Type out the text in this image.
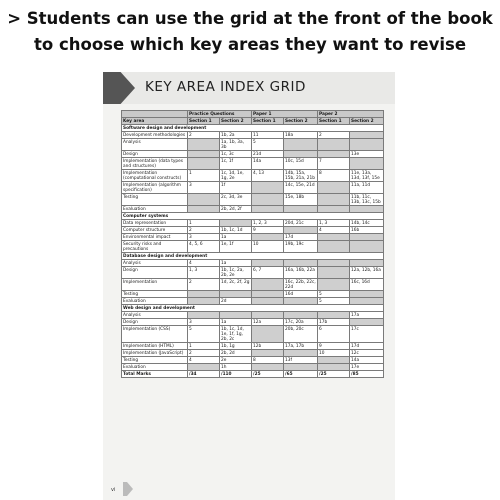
> Students can use the grid at the front of the book
to choose which key areas they want to revise
KEY AREA INDEX GRID
	Practice Questions		Paper 1		Paper 2	
Key area	Section 1	Section 2	Section 1	Section 2	Section 1	Section 2
Software design and development						
Development methodologies	2	1b, 2a	11	18a	2	
Analysis		1a, 1b, 3a, 3b	5			
Design		1c, 3c	21d			13e
Implementation (data types and structures)		1c, 1f	14a	10c, 15d	7	
Implementation (computational constructs)	1	1c, 1d, 1e, 1g, 2e	4, 13	14b, 15a, 15b, 21a, 21b	8	11e, 13a, 13d, 13f, 15e
Implementation (algorithm specification)	3	1f		14c, 15e, 21d		11a, 11d
Testing		2c, 3d, 3e		15e, 18b		11b, 11c, 13b, 13c, 15b
Evaluation		2b, 2d, 2f				
Computer systems						
Data representation	1		1, 2, 3	20d, 21c	1, 3	14b, 14c
Computer structure	2	1b, 1c, 1d	9		4	16b
Environmental impact	3	1a		17d		
Security risks and precautions	4, 5, 6	1e, 1f	10	19b, 19c		
Database design and development						
Analysis	4	1a				
Design	1, 3	1b, 1c, 2a, 2b, 2e	6, 7	16a, 16b, 22a		12a, 12b, 16a
Implementation	2	1d, 2c, 2f, 2g		16c, 22b, 22c, 22d		16c, 16d
Testing				16d	5	
Evaluation		2d			5	
Web design and development						
Analysis						17a
Design	3	1a	12a	17c, 20a	17b	
Implementation (CSS)	5	1b, 1c, 1d, 1e, 1f, 1g, 2b, 2c		20b, 20c	6	17c
Implementation (HTML)	1	1b, 1g	12b	17a, 17b	9	17d
Implementation (JavaScript)	2	2b, 2d			10	12c
Testing	4	2e	8	13f		14a
Evaluation		1h				17e
Total Marks	/34	/110	/25	/65	/25	/85
vi
